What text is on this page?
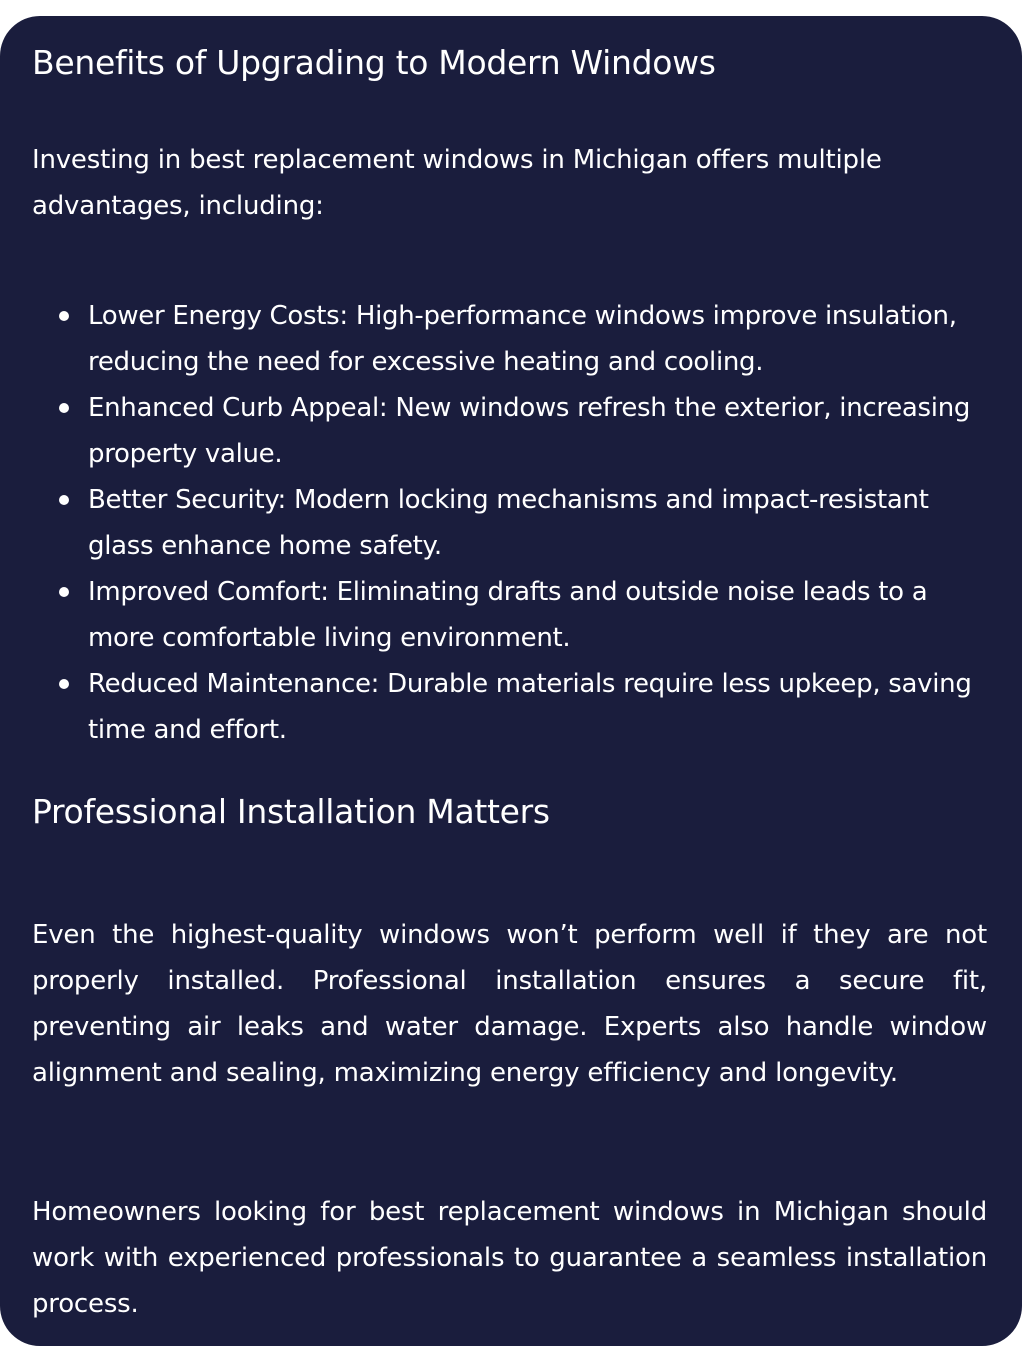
Benefits of Upgrading to Modern Windows

Investing in best replacement windows in Michigan offers multiple advantages, including:

Lower Energy Costs: High-performance windows improve insulation, reducing the need for excessive heating and cooling.
Enhanced Curb Appeal: New windows refresh the exterior, increasing property value.
Better Security: Modern locking mechanisms and impact-resistant glass enhance home safety.
Improved Comfort: Eliminating drafts and outside noise leads to a more comfortable living environment.
Reduced Maintenance: Durable materials require less upkeep, saving time and effort.
Professional Installation Matters

Even the highest-quality windows won’t perform well if they are not properly installed. Professional installation ensures a secure fit, preventing air leaks and water damage. Experts also handle window alignment and sealing, maximizing energy efficiency and longevity.

Homeowners looking for best replacement windows in Michigan should work with experienced professionals to guarantee a seamless installation process.
